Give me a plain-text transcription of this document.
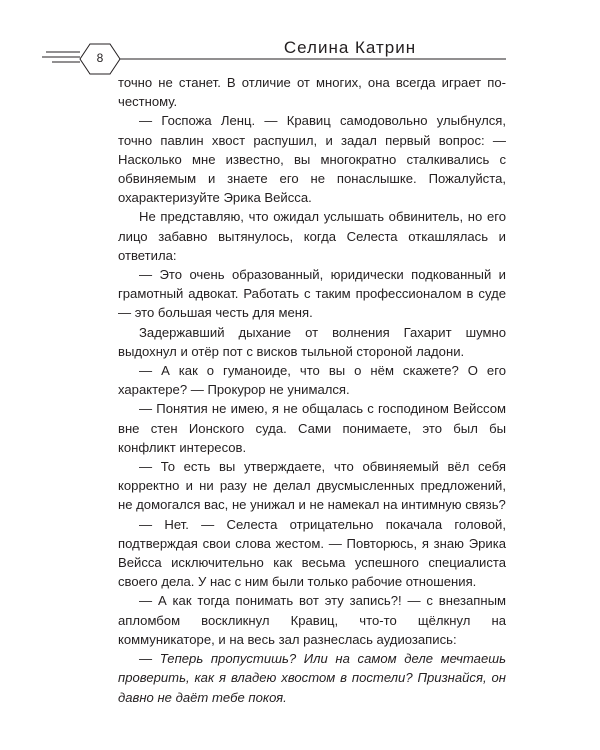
8
Селина Катрин

точно не станет. В отличие от многих, она всегда играет по-честному.

— Госпожа Ленц. — Кравиц самодовольно улыбнулся, точно павлин хвост распушил, и задал первый вопрос: — Насколько мне известно, вы многократно сталкивались с обвиняемым и знаете его не понаслышке. Пожалуйста, охарактеризуйте Эрика Вейсса.

Не представляю, что ожидал услышать обвинитель, но его лицо забавно вытянулось, когда Селеста откашлялась и ответила:

— Это очень образованный, юридически подкованный и грамотный адвокат. Работать с таким профессионалом в суде — это большая честь для меня.

Задержавший дыхание от волнения Гахарит шумно выдохнул и отёр пот с висков тыльной стороной ладони.

— А как о гуманоиде, что вы о нём скажете? О его характере? — Прокурор не унимался.

— Понятия не имею, я не общалась с господином Вейссом вне стен Ионского суда. Сами понимаете, это был бы конфликт интересов.

— То есть вы утверждаете, что обвиняемый вёл себя корректно и ни разу не делал двусмысленных предложений, не домогался вас, не унижал и не намекал на интимную связь?

— Нет. — Селеста отрицательно покачала головой, подтверждая свои слова жестом. — Повторюсь, я знаю Эрика Вейсса исключительно как весьма успешного специалиста своего дела. У нас с ним были только рабочие отношения.

— А как тогда понимать вот эту запись?! — с внезапным апломбом воскликнул Кравиц, что-то щёлкнул на коммуникаторе, и на весь зал разнеслась аудиозапись:

— Теперь пропустишь? Или на самом деле мечтаешь проверить, как я владею хвостом в постели? Признайся, он давно не даёт тебе покоя.
